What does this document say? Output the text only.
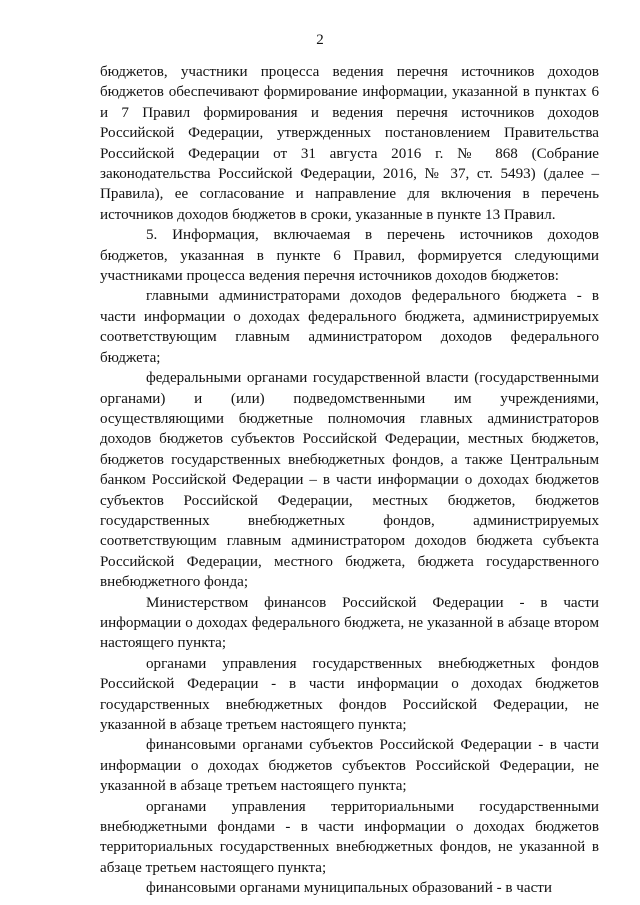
2

бюджетов, участники процесса ведения перечня источников доходов бюджетов обеспечивают формирование информации, указанной в пунктах 6 и 7 Правил формирования и ведения перечня источников доходов Российской Федерации, утвержденных постановлением Правительства Российской Федерации от 31 августа 2016 г. № 868 (Собрание законодательства Российской Федерации, 2016, № 37, ст. 5493) (далее – Правила), ее согласование и направление для включения в перечень источников доходов бюджетов в сроки, указанные в пункте 13 Правил.

5. Информация, включаемая в перечень источников доходов бюджетов, указанная в пункте 6 Правил, формируется следующими участниками процесса ведения перечня источников доходов бюджетов:

главными администраторами доходов федерального бюджета - в части информации о доходах федерального бюджета, администрируемых соответствующим главным администратором доходов федерального бюджета;

федеральными органами государственной власти (государственными органами) и (или) подведомственными им учреждениями, осуществляющими бюджетные полномочия главных администраторов доходов бюджетов субъектов Российской Федерации, местных бюджетов, бюджетов государственных внебюджетных фондов, а также Центральным банком Российской Федерации – в части информации о доходах бюджетов субъектов Российской Федерации, местных бюджетов, бюджетов государственных внебюджетных фондов, администрируемых соответствующим главным администратором доходов бюджета субъекта Российской Федерации, местного бюджета, бюджета государственного внебюджетного фонда;

Министерством финансов Российской Федерации - в части информации о доходах федерального бюджета, не указанной в абзаце втором настоящего пункта;

органами управления государственных внебюджетных фондов Российской Федерации - в части информации о доходах бюджетов государственных внебюджетных фондов Российской Федерации, не указанной в абзаце третьем настоящего пункта;

финансовыми органами субъектов Российской Федерации - в части информации о доходах бюджетов субъектов Российской Федерации, не указанной в абзаце третьем настоящего пункта;

органами управления территориальными государственными внебюджетными фондами - в части информации о доходах бюджетов территориальных государственных внебюджетных фондов, не указанной в абзаце третьем настоящего пункта;

финансовыми органами муниципальных образований - в части
